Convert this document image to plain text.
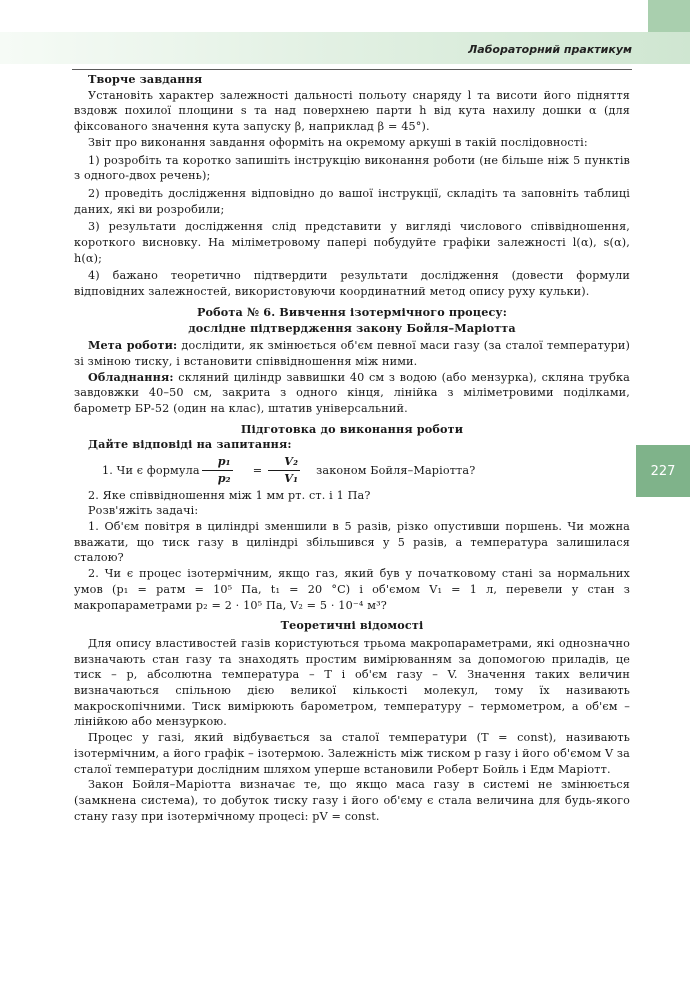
Лабораторний практикум
227

Творче завдання

Установіть характер залежності дальності польоту снаряду l та висоти його підняття вздовж похилої площини s та над поверхнею парти h від кута нахилу дошки α (для фіксованого значення кута запуску β, наприклад β = 45°).

Звіт про виконання завдання оформіть на окремому аркуші в такій послідовності:

1) розробіть та коротко запишіть інструкцію виконання роботи (не більше ніж 5 пунктів з одного-двох речень);

2) проведіть дослідження відповідно до вашої інструкції, складіть та заповніть таблиці даних, які ви розробили;

3) результати дослідження слід представити у вигляді числового співвідношення, короткого висновку. На міліметровому папері побудуйте графіки залежності l(α), s(α), h(α);

4) бажано теоретично підтвердити результати дослідження (довести формули відповідних залежностей, використовуючи координатний метод опису руху кульки).

Робота № 6. Вивчення ізотермічного процесу:

дослідне підтвердження закону Бойля–Маріотта

Мета роботи: дослідити, як змінюється об'єм певної маси газу (за сталої температури) зі зміною тиску, і встановити співвідношення між ними.

Обладнання: скляний циліндр заввишки 40 см з водою (або мензурка), скляна трубка завдовжки 40–50 см, закрита з одного кінця, лінійка з міліметровими поділками, барометр БР-52 (один на клас), штатив універсальний.

Підготовка до виконання роботи

Дайте відповіді на запитання:

1. Чи є формула $\frac{\text{p₁}}{\text{p₂}}$	= $\frac{\text{V₂}}{\text{V₁}}$	законом Бойля–Маріотта?

2. Яке співвідношення між 1 мм рт. ст. і 1 Па?

Розв'яжіть задачі:

1. Об'єм повітря в циліндрі зменшили в 5 разів, різко опустивши поршень. Чи можна вважати, що тиск газу в циліндрі збільшився у 5 разів, а температура залишилася сталою?

2. Чи є процес ізотермічним, якщо газ, який був у початковому стані за нормальних умов (p₁ = pатм = 10⁵ Па, t₁ = 20 °С) і об'ємом V₁ = 1 л, перевели у стан з макропараметрами p₂ = 2 · 10⁵ Па, V₂ = 5 · 10⁻⁴ м³?

Теоретичні відомості

Для опису властивостей газів користуються трьома макропараметрами, які однозначно визначають стан газу та знаходять простим вимірюванням за допомогою приладів, це тиск – p, абсолютна температура – T і об'єм газу – V. Значення таких величин визначаються спільною дією великої кількості молекул, тому їх називають макроскопічними. Тиск вимірюють барометром, температуру – термометром, а об'єм – лінійкою або мензуркою.

Процес у газі, який відбувається за сталої температури (T = const), називають ізотермічним, а його графік – ізотермою. Залежність між тиском p газу і його об'ємом V за сталої температури дослідним шляхом уперше встановили Роберт Бойль і Едм Маріотт.

Закон Бойля–Маріотта визначає те, що якщо маса газу в системі не змінюється (замкнена система), то добуток тиску газу і його об'єму є стала величина для будь-якого стану газу при ізотермічному процесі: pV = const.
